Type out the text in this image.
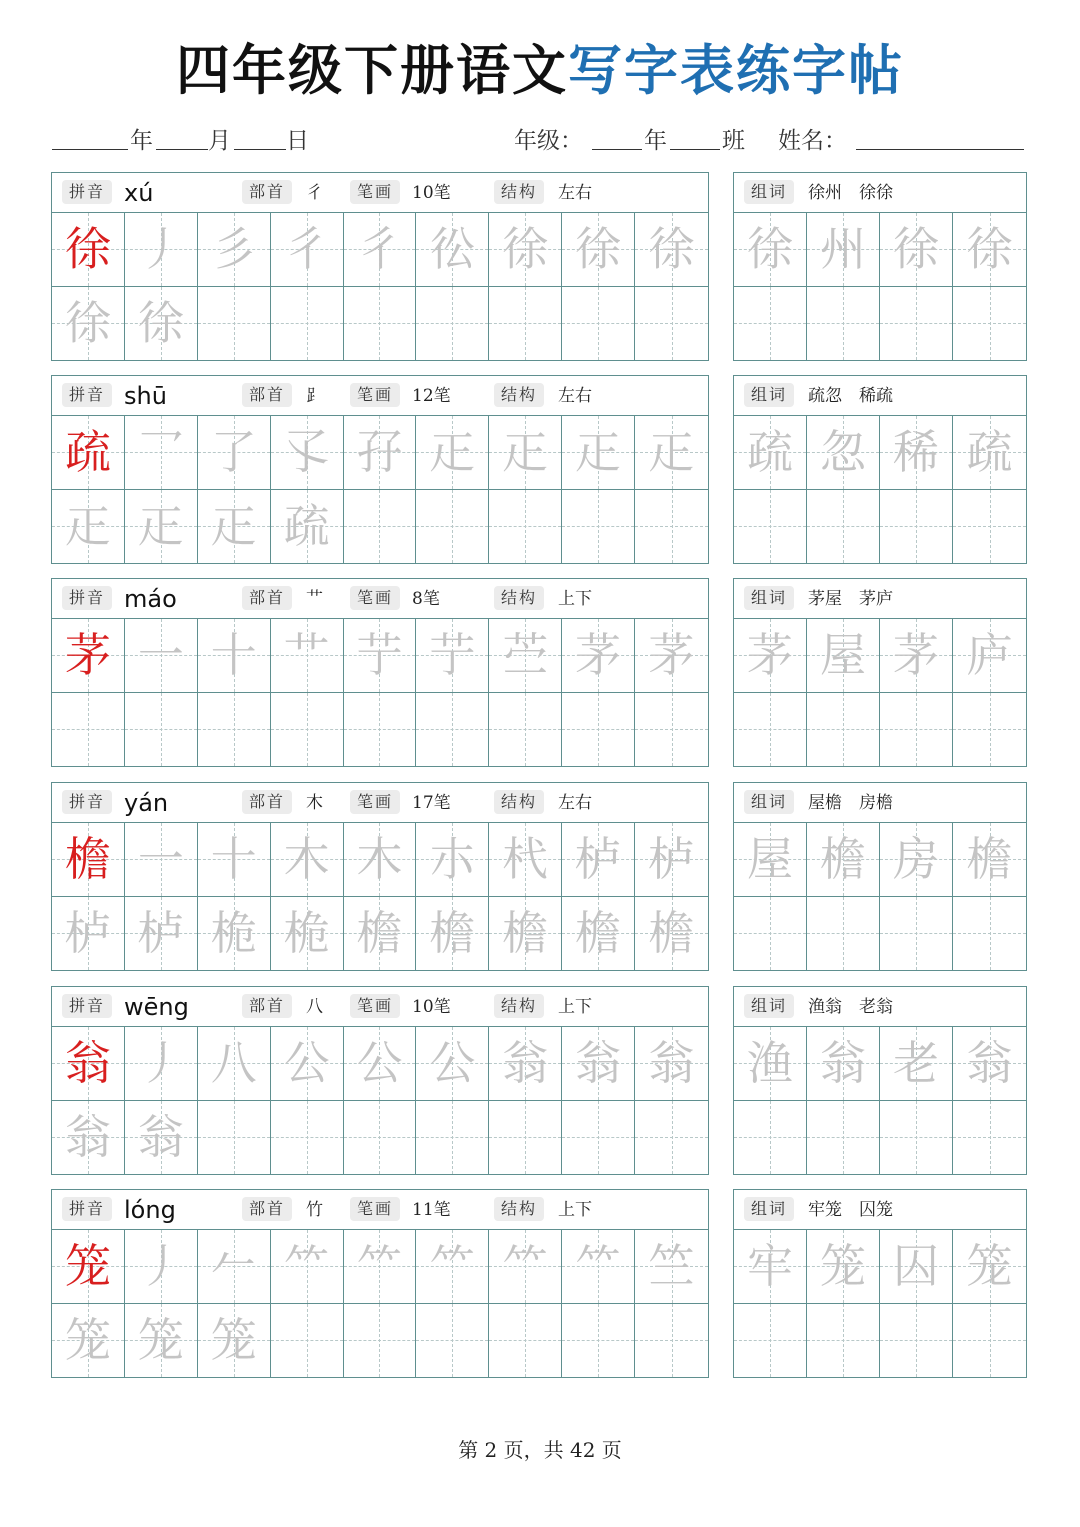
四年级下册语文写字表练字帖
年 月 日	年级：	年 班 姓名：
拼音 xú	部首	彳	笔画	10笔	结构	左右
徐 丿 彡 彳 彳 彸 徐 徐 徐
徐 徐
组词	徐州　徐徐
徐 州 徐 徐
拼音 shū	部首	⻊	笔画	12笔	结构	左右
疏 乛 了 孓 孖 𤴓 𤴓 𤴓 𤴓
𤴓 𤴓 𤴓 疏
组词	疏忽　稀疏
疏 忽 稀 疏
拼音 máo	部首	艹	笔画	8笔	结构	上下
茅 一 十 艹 艼 艼 苎 茅 茅
组词	茅屋　茅庐
茅 屋 茅 庐
拼音 yán	部首	木	笔画	17笔	结构	左右
檐 一 十 木 木 朩 杙 栌 栌
栌 栌 桅 桅 檐 檐 檐 檐 檐
组词	屋檐　房檐
屋 檐 房 檐
拼音 wēng	部首	八	笔画	10笔	结构	上下
翁 丿 八 公 公 公 翁 翁 翁
翁 翁
组词	渔翁　老翁
渔 翁 老 翁
拼音 lóng	部首	竹	笔画	11笔	结构	上下
笼 丿 𠂉 ⺮ ⺮ ⺮ ⺮ ⺮ 竺
笼 笼 笼
组词	牢笼　囚笼
牢 笼 囚 笼
第 2 页，共 42 页
